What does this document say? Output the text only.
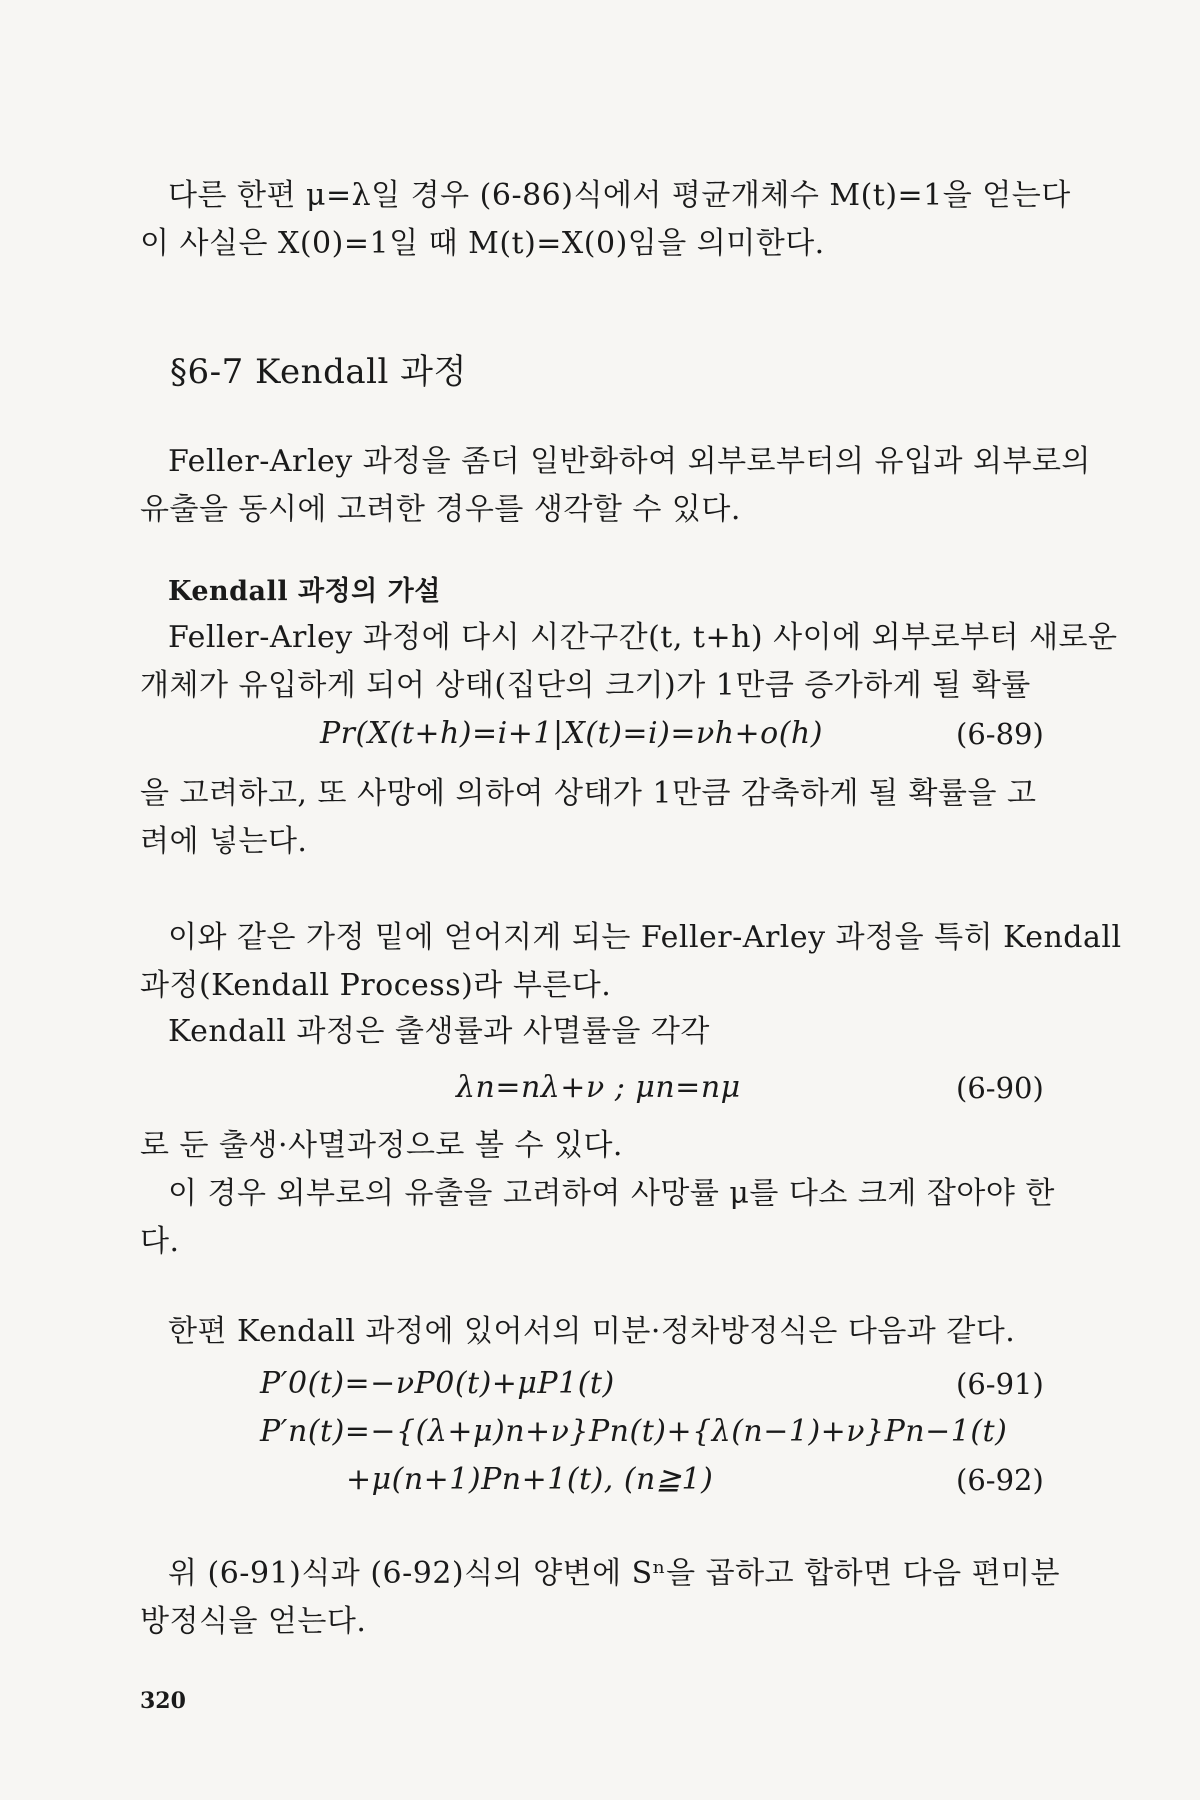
다른 한편 μ=λ일 경우 (6-86)식에서 평균개체수 M(t)=1을 얻는다
이 사실은 X(0)=1일 때 M(t)=X(0)임을 의미한다.
§6-7 Kendall 과정
Feller-Arley 과정을 좀더 일반화하여 외부로부터의 유입과 외부로의
유출을 동시에 고려한 경우를 생각할 수 있다.
Kendall 과정의 가설
Feller-Arley 과정에 다시 시간구간(t, t+h) 사이에 외부로부터 새로운
개체가 유입하게 되어 상태(집단의 크기)가 1만큼 증가하게 될 확률
Pr(X(t+h)=i+1|X(t)=i)=νh+o(h)	(6-89)
을 고려하고, 또 사망에 의하여 상태가 1만큼 감축하게 될 확률을 고
려에 넣는다.
이와 같은 가정 밑에 얻어지게 되는 Feller-Arley 과정을 특히 Kendall
과정(Kendall Process)라 부른다.
Kendall 과정은 출생률과 사멸률을 각각
λn=nλ+ν ; μn=nμ	(6-90)
로 둔 출생·사멸과정으로 볼 수 있다.
이 경우 외부로의 유출을 고려하여 사망률 μ를 다소 크게 잡아야 한
다.
한편 Kendall 과정에 있어서의 미분·정차방정식은 다음과 같다.
P′0(t)=−νP0(t)+μP1(t)	(6-91)
P′n(t)=−{(λ+μ)n+ν}Pn(t)+{λ(n−1)+ν}Pn−1(t)
+μ(n+1)Pn+1(t), (n≧1)	(6-92)
위 (6-91)식과 (6-92)식의 양변에 Sⁿ을 곱하고 합하면 다음 편미분
방정식을 얻는다.
320
